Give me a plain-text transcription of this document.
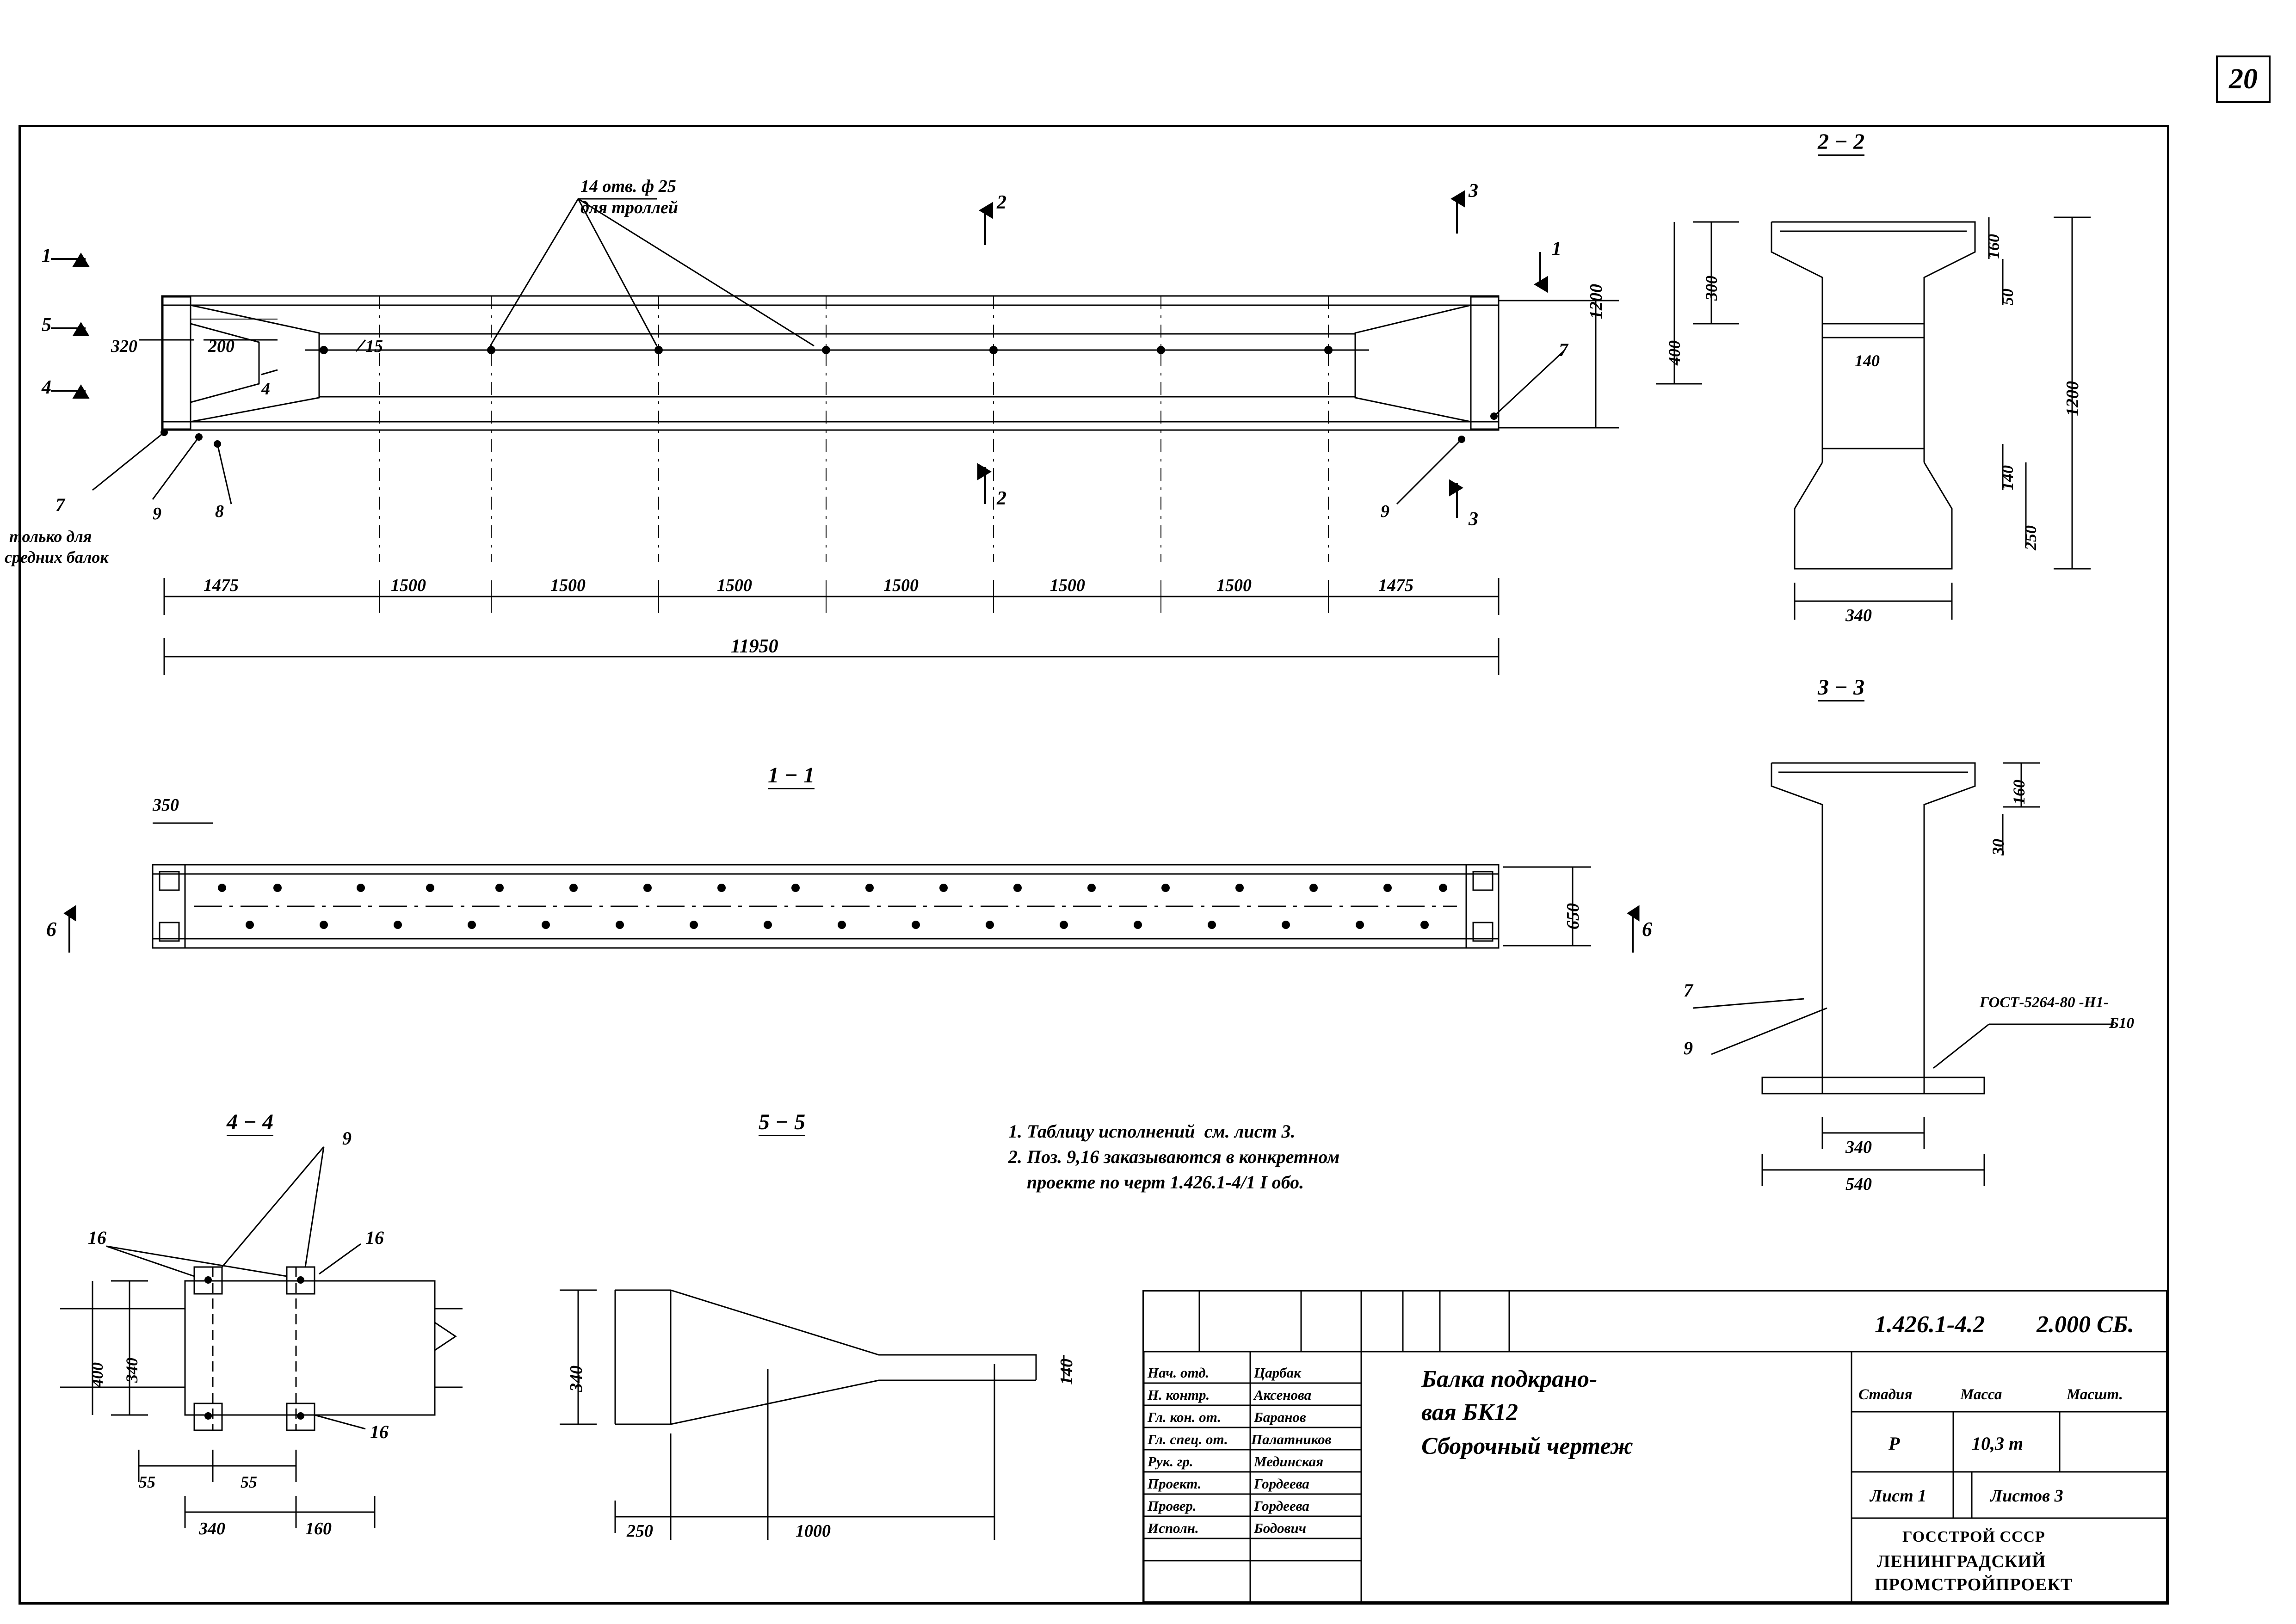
20
14 отв. ф 25
для троллей
1
5
4
2
2
3
3
1
320	200	15
4
7	8
9
7
9
только для
средних балок
1475	1500	1500	1500	1500	1500	1500	1475
11950
1200
1 − 1
350
650
6	6
2 − 2
160
300	50
400	140
140
250
1200
340
3 − 3
160
30
340
540
7
9
ГОСТ-5264-80 -Н1-
Б10
4 − 4
9
16	16
16
340
400
55	55
340	160
5 − 5
340	140
250	1000
1. Таблицу исполнений  см. лист 3.
2. Поз. 9,16 заказываются в конкретном
проекте по черт 1.426.1-4/1 I обо.
1.426.1-4.2 2.000 СБ.
Балка подкрано-
вая БК12
Сборочный чертеж
Стадия	Масса	Масшт.
Р	10,3 т
Лист 1	Листов 3
ГОССТРОЙ СССР
ЛЕНИНГРАДСКИЙ
ПРОМСТРОЙПРОЕКТ
Нач. отд.	Царбак
Н. контр.	Аксенова
Гл. кон. от. Баранов
Гл. спец. от. Палатников
Рук. гр.	Мединская
Проект.	Гордеева
Провер.	Гордеева
Исполн.	Бодович
